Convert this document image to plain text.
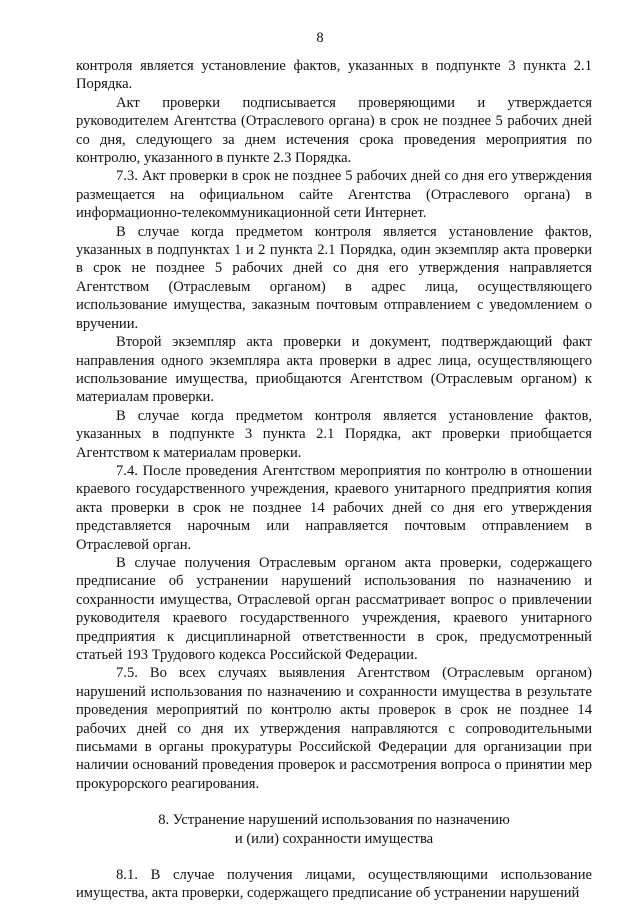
8

контроля является установление фактов, указанных в подпункте 3 пункта 2.1 Порядка.

Акт проверки подписывается проверяющими и утверждается руководителем Агентства (Отраслевого органа) в срок не позднее 5 рабочих дней со дня, следующего за днем истечения срока проведения мероприятия по контролю, указанного в пункте 2.3 Порядка.

7.3. Акт проверки в срок не позднее 5 рабочих дней со дня его утверждения размещается на официальном сайте Агентства (Отраслевого органа) в информационно-телекоммуникационной сети Интернет.

В случае когда предметом контроля является установление фактов, указанных в подпунктах 1 и 2 пункта 2.1 Порядка, один экземпляр акта проверки в срок не позднее 5 рабочих дней со дня его утверждения направляется Агентством (Отраслевым органом) в адрес лица, осуществляющего использование имущества, заказным почтовым отправлением с уведомлением о вручении.

Второй экземпляр акта проверки и документ, подтверждающий факт направления одного экземпляра акта проверки в адрес лица, осуществляющего использование имущества, приобщаются Агентством (Отраслевым органом) к материалам проверки.

В случае когда предметом контроля является установление фактов, указанных в подпункте 3 пункта 2.1 Порядка, акт проверки приобщается Агентством к материалам проверки.

7.4. После проведения Агентством мероприятия по контролю в отношении краевого государственного учреждения, краевого унитарного предприятия копия акта проверки в срок не позднее 14 рабочих дней со дня его утверждения представляется нарочным или направляется почтовым отправлением в Отраслевой орган.

В случае получения Отраслевым органом акта проверки, содержащего предписание об устранении нарушений использования по назначению и сохранности имущества, Отраслевой орган рассматривает вопрос о привлечении руководителя краевого государственного учреждения, краевого унитарного предприятия к дисциплинарной ответственности в срок, предусмотренный статьей 193 Трудового кодекса Российской Федерации.

7.5. Во всех случаях выявления Агентством (Отраслевым органом) нарушений использования по назначению и сохранности имущества в результате проведения мероприятий по контролю акты проверок в срок не позднее 14 рабочих дней со дня их утверждения направляются с сопроводительными письмами в органы прокуратуры Российской Федерации для организации при наличии оснований проведения проверок и рассмотрения вопроса о принятии мер прокурорского реагирования.

8. Устранение нарушений использования по назначению
и (или) сохранности имущества

8.1. В случае получения лицами, осуществляющими использование имущества, акта проверки, содержащего предписание об устранении нарушений
